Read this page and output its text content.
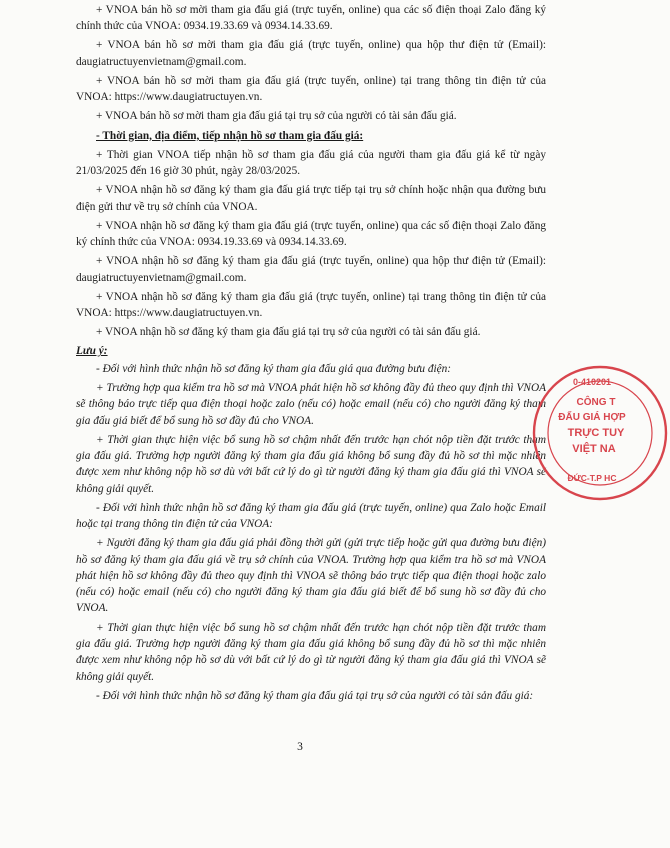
+ VNOA bán hồ sơ mời tham gia đấu giá (trực tuyến, online) qua các số điện thoại Zalo đăng ký chính thức của VNOA: 0934.19.33.69 và 0934.14.33.69.

+ VNOA bán hồ sơ mời tham gia đấu giá (trực tuyến, online) qua hộp thư điện tử (Email): daugiatructuyenvietnam@gmail.com.

+ VNOA bán hồ sơ mời tham gia đấu giá (trực tuyến, online) tại trang thông tin điện tử của VNOA: https://www.daugiatructuyen.vn.

+ VNOA bán hồ sơ mời tham gia đấu giá tại trụ sở của người có tài sản đấu giá.

- Thời gian, địa điểm, tiếp nhận hồ sơ tham gia đấu giá:

+ Thời gian VNOA tiếp nhận hồ sơ tham gia đấu giá của người tham gia đấu giá kể từ ngày 21/03/2025 đến 16 giờ 30 phút, ngày 28/03/2025.

+ VNOA nhận hồ sơ đăng ký tham gia đấu giá trực tiếp tại trụ sở chính hoặc nhận qua đường bưu điện gửi thư về trụ sở chính của VNOA.

+ VNOA nhận hồ sơ đăng ký tham gia đấu giá (trực tuyến, online) qua các số điện thoại Zalo đăng ký chính thức của VNOA: 0934.19.33.69 và 0934.14.33.69.

+ VNOA nhận hồ sơ đăng ký tham gia đấu giá (trực tuyến, online) qua hộp thư điện tử (Email): daugiatructuyenvietnam@gmail.com.

+ VNOA nhận hồ sơ đăng ký tham gia đấu giá (trực tuyến, online) tại trang thông tin điện tử của VNOA: https://www.daugiatructuyen.vn.

+ VNOA nhận hồ sơ đăng ký tham gia đấu giá tại trụ sở của người có tài sản đấu giá.

Lưu ý:

- Đối với hình thức nhận hồ sơ đăng ký tham gia đấu giá qua đường bưu điện:

+ Trường hợp qua kiểm tra hồ sơ mà VNOA phát hiện hồ sơ không đầy đủ theo quy định thì VNOA sẽ thông báo trực tiếp qua điện thoại hoặc zalo (nếu có) hoặc email (nếu có) cho người đăng ký tham gia đấu giá biết để bổ sung hồ sơ đầy đủ cho VNOA.

+ Thời gian thực hiện việc bổ sung hồ sơ chậm nhất đến trước hạn chót nộp tiền đặt trước tham gia đấu giá. Trường hợp người đăng ký tham gia đấu giá không bổ sung đầy đủ hồ sơ thì mặc nhiên được xem như không nộp hồ sơ dù với bất cứ lý do gì từ người đăng ký tham gia đấu giá thì VNOA sẽ không giải quyết.

- Đối với hình thức nhận hồ sơ đăng ký tham gia đấu giá (trực tuyến, online) qua Zalo hoặc Email hoặc tại trang thông tin điện tử của VNOA:

+ Người đăng ký tham gia đấu giá phải đồng thời gửi (gửi trực tiếp hoặc gửi qua đường bưu điện) hồ sơ đăng ký tham gia đấu giá về trụ sở chính của VNOA. Trường hợp qua kiểm tra hồ sơ mà VNOA phát hiện hồ sơ không đầy đủ theo quy định thì VNOA sẽ thông báo trực tiếp qua điện thoại hoặc zalo (nếu có) hoặc email (nếu có) cho người đăng ký tham gia đấu giá biết để bổ sung hồ sơ đầy đủ cho VNOA.

+ Thời gian thực hiện việc bổ sung hồ sơ chậm nhất đến trước hạn chót nộp tiền đặt trước tham gia đấu giá. Trường hợp người đăng ký tham gia đấu giá không bổ sung đầy đủ hồ sơ thì mặc nhiên được xem như không nộp hồ sơ dù với bất cứ lý do gì từ người đăng ký tham gia đấu giá thì VNOA sẽ không giải quyết.

- Đối với hình thức nhận hồ sơ đăng ký tham gia đấu giá tại trụ sở của người có tài sản đấu giá:

3
0-410201
CÔNG T
ĐẤU GIÁ HỢP
TRỰC TUY
VIỆT NA
ĐỨC-T.P HC
